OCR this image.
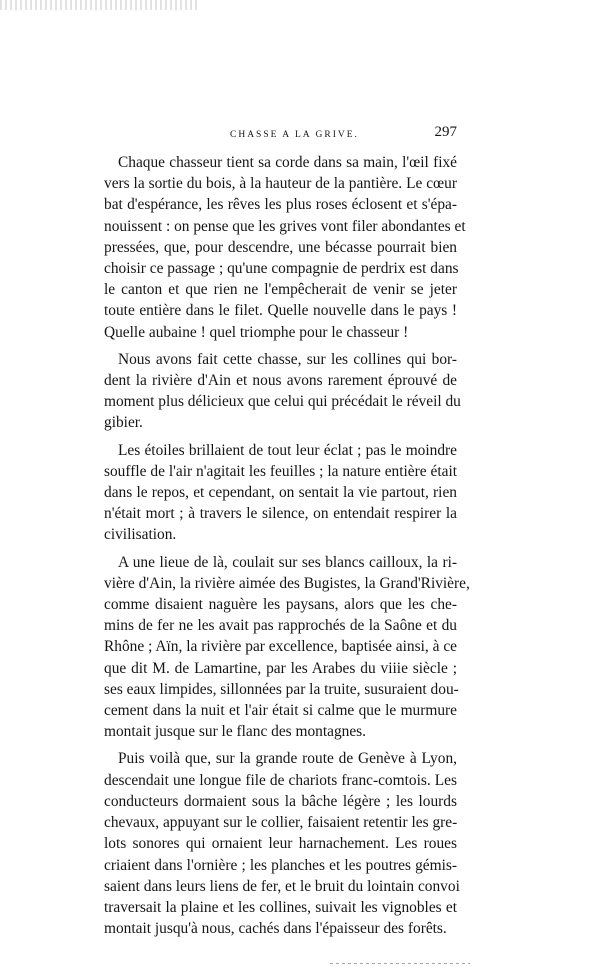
CHASSE A LA GRIVE.	297
Chaque chasseur tient sa corde dans sa main, l'œil fixé
vers la sortie du bois, à la hauteur de la pantière. Le cœur
bat d'espérance, les rêves les plus roses éclosent et s'épa-
nouissent : on pense que les grives vont filer abondantes et
pressées, que, pour descendre, une bécasse pourrait bien
choisir ce passage ; qu'une compagnie de perdrix est dans
le canton et que rien ne l'empêcherait de venir se jeter
toute entière dans le filet. Quelle nouvelle dans le pays !
Quelle aubaine ! quel triomphe pour le chasseur !
Nous avons fait cette chasse, sur les collines qui bor-
dent la rivière d'Ain et nous avons rarement éprouvé de
moment plus délicieux que celui qui précédait le réveil du
gibier.
Les étoiles brillaient de tout leur éclat ; pas le moindre
souffle de l'air n'agitait les feuilles ; la nature entière était
dans le repos, et cependant, on sentait la vie partout, rien
n'était mort ; à travers le silence, on entendait respirer la
civilisation.
A une lieue de là, coulait sur ses blancs cailloux, la ri-
vière d'Ain, la rivière aimée des Bugistes, la Grand'Rivière,
comme disaient naguère les paysans, alors que les che-
mins de fer ne les avait pas rapprochés de la Saône et du
Rhône ; Aïn, la rivière par excellence, baptisée ainsi, à ce
que dit M. de Lamartine, par les Arabes du viiie siècle ;
ses eaux limpides, sillonnées par la truite, susuraient dou-
cement dans la nuit et l'air était si calme que le murmure
montait jusque sur le flanc des montagnes.
Puis voilà que, sur la grande route de Genève à Lyon,
descendait une longue file de chariots franc-comtois. Les
conducteurs dormaient sous la bâche légère ; les lourds
chevaux, appuyant sur le collier, faisaient retentir les gre-
lots sonores qui ornaient leur harnachement. Les roues
criaient dans l'ornière ; les planches et les poutres gémis-
saient dans leurs liens de fer, et le bruit du lointain convoi
traversait la plaine et les collines, suivait les vignobles et
montait jusqu'à nous, cachés dans l'épaisseur des forêts.
